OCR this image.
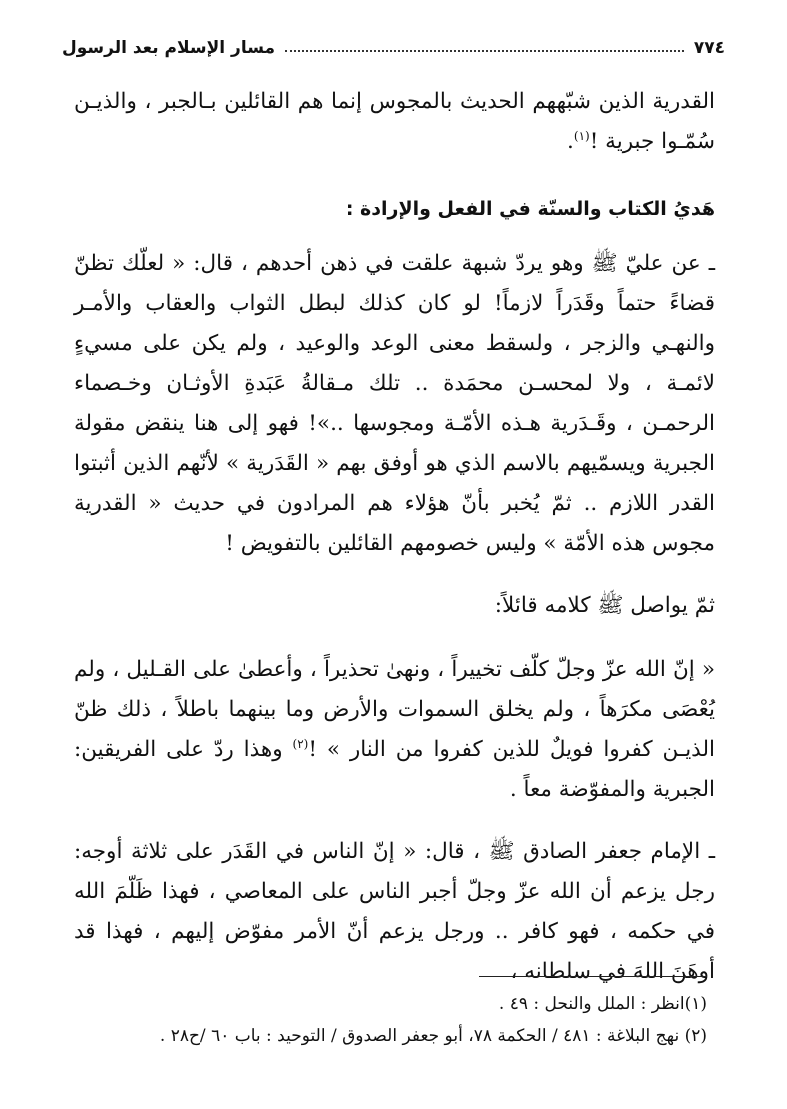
٧٧٤
مسار الإسلام بعد الرسول

القدرية الذين شبّههم الحديث بالمجوس إنما هم القائلين بـالجبر ، والذيـن سُمّـوا جبرية !$^{(١)}$.

هَديُ الكتاب والسنّة في الفعل والإرادة :

ـ عن عليّ ﷺ وهو يردّ شبهة علقت في ذهن أحدهم ، قال: « لعلّك تظنّ قضاءً حتماً وقَدَراً لازماً! لو كان كذلك لبطل الثواب والعقاب والأمـر والنهـي والزجر ، ولسقط معنى الوعد والوعيد ، ولم يكن على مسيءٍ لائمـة ، ولا لمحسـن محمَدة .. تلك مـقالةُ عَبَدةِ الأوثـان وخـصماء الرحمـن ، وقَـدَرية هـذه الأمّـة ومجوسها ..»! فهو إلى هنا ينقض مقولة الجبرية ويسمّيهم بالاسم الذي هو أوفق بهم « القَدَرية » لأنّهم الذين أثبتوا القدر اللازم .. ثمّ يُخبر بأنّ هؤلاء هم المرادون في حديث « القدرية مجوس هذه الأمّة » وليس خصومهم القائلين بالتفويض !

ثمّ يواصل ﷺ كلامه قائلاً:

« إنّ الله عزّ وجلّ كلّف تخييراً ، ونهىٰ تحذيراً ، وأعطىٰ على القـليل ، ولم يُعْصَى مكرَهاً ، ولم يخلق السموات والأرض وما بينهما باطلاً ، ذلك ظنّ الذيـن كفروا فويلٌ للذين كفروا من النار » !$^{(٢)}$ وهذا ردّ على الفريقين: الجبرية والمفوّضة معاً .

ـ الإمام جعفر الصادق ﷺ ، قال: « إنّ الناس في القَدَر على ثلاثة أوجه: رجل يزعم أن الله عزّ وجلّ أجبر الناس على المعاصي ، فهذا ظَلّمَ الله في حكمه ، فهو كافر .. ورجل يزعم أنّ الأمر مفوّض إليهم ، فهذا قد أوهَنَ اللهَ في سلطانه ،

(١)انظر : الملل والنحل : ٤٩ .

(٢) نهج البلاغة : ٤٨١ / الحكمة ٧٨، أبو جعفر الصدوق / التوحيد : باب ٦٠ /ح٢٨ .
